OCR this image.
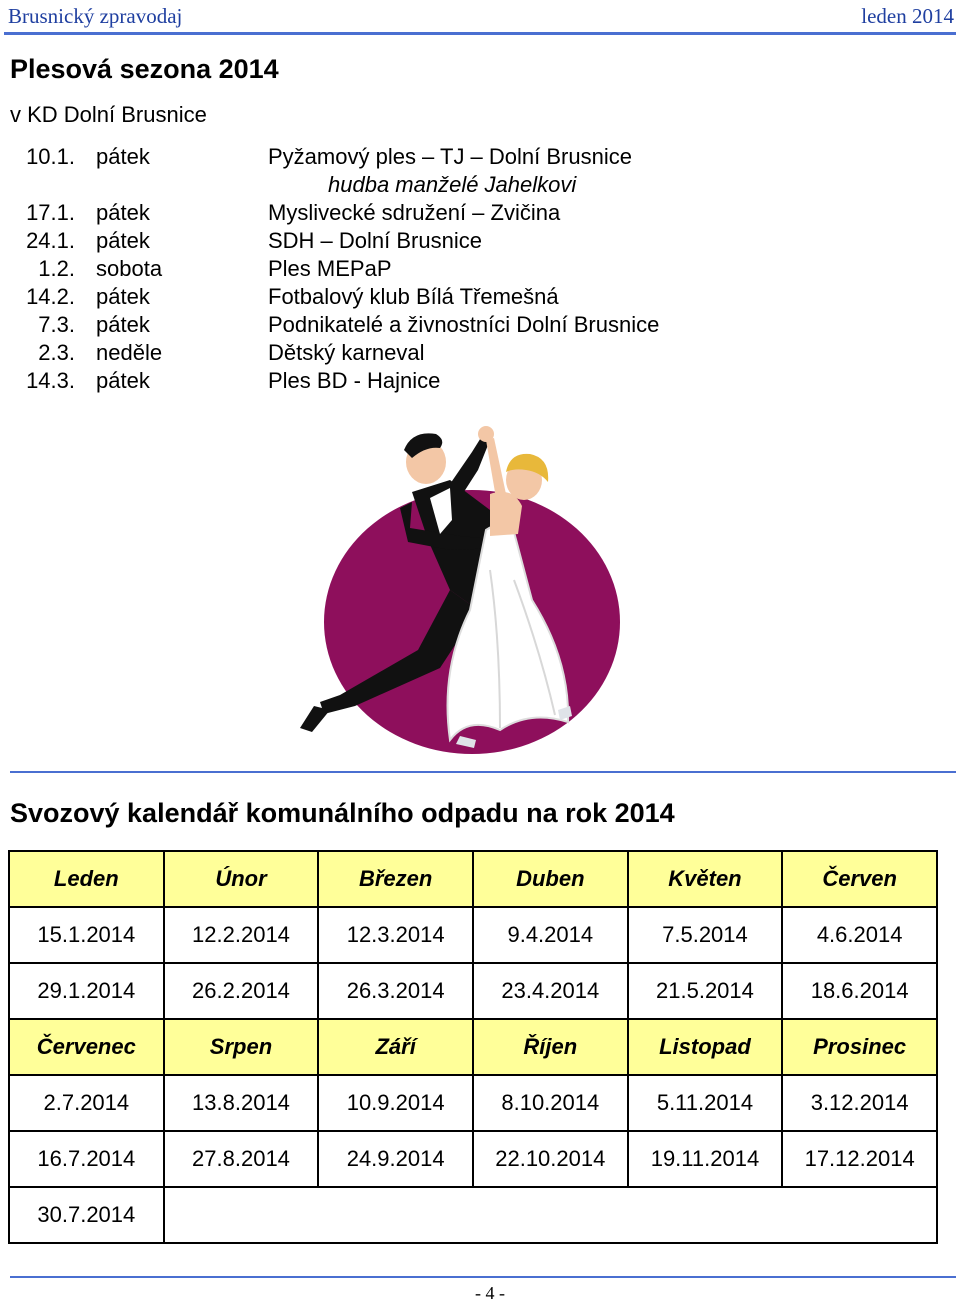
Brusnický zpravodaj	leden 2014
Plesová sezona 2014
v KD Dolní Brusnice
10.1. pátek	Pyžamový ples – TJ – Dolní Brusnice
hudba manželé Jahelkovi
17.1. pátek	Myslivecké sdružení – Zvičina
24.1. pátek	SDH – Dolní Brusnice
1.2. sobota	Ples MEPaP
14.2. pátek	Fotbalový klub Bílá Třemešná
7.3. pátek	Podnikatelé a živnostníci Dolní Brusnice
2.3. neděle	Dětský karneval
14.3. pátek	Ples BD - Hajnice
Svozový kalendář komunálního odpadu na rok 2014
Leden	Únor	Březen	Duben	Květen	Červen
15.1.2014	12.2.2014	12.3.2014	9.4.2014	7.5.2014	4.6.2014
29.1.2014	26.2.2014	26.3.2014	23.4.2014	21.5.2014	18.6.2014
Červenec	Srpen	Září	Říjen	Listopad	Prosinec
2.7.2014	13.8.2014	10.9.2014	8.10.2014	5.11.2014	3.12.2014
16.7.2014	27.8.2014	24.9.2014	22.10.2014	19.11.2014	17.12.2014
30.7.2014					
- 4 -
